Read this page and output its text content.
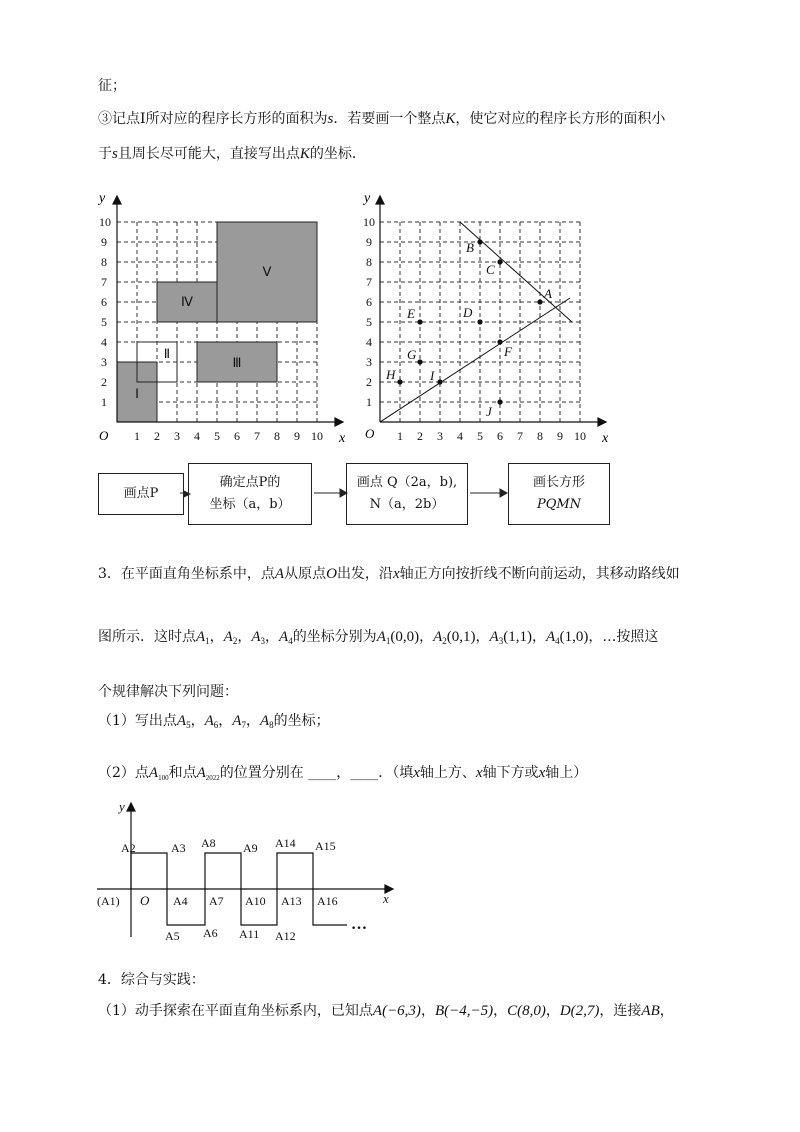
征；
③记点Ⅰ所对应的程序长方形的面积为s．若要画一个整点K，使它对应的程序长方形的面积小
于s且周长尽可能大，直接写出点K的坐标．
1 2 3 4 5 6 7 8 9 10
1
2
3
4
5
6
7
8
9
10
x
y
O
Ⅰ
Ⅱ
Ⅲ
Ⅳ
Ⅴ
A
B
C
D
E
F
G
H	I
J
1 2 3 4 5 6 7 8 9 10
1
2
3
4
5
6
7
8
9
10
x
y
O
画点P
确定点P的
坐标（a，b）
画点 Q（2a，b),
N（a，2b）
画长方形
PQMN
3．在平面直角坐标系中，点A从原点O出发，沿x轴正方向按折线不断向前运动，其移动路线如
图所示．这时点$A_1$，$A_2$，$A_3$，$A_4$的坐标分别为$A_1(0,0)$，$A_2(0,1)$，$A_3(1,1)$，$A_4(1,0)$，…按照这
个规律解决下列问题：
（1）写出点$A_5$，$A_6$，$A_7$，$A_8$的坐标；
（2）点$A_{100}$和点$A_{2022}$的位置分别在 ____，____．（填x轴上方、x轴下方或x轴上）
y
x
O
A2	A3 A8 A9 A14 A15
(A1)	A4 A7 A10 A13 A16
A5 A6 A11 A12
…
4．综合与实践：
（1）动手探索在平面直角坐标系内，已知点A(−6,3)，B(−4,−5)，C(8,0)，D(2,7)，连接AB，
